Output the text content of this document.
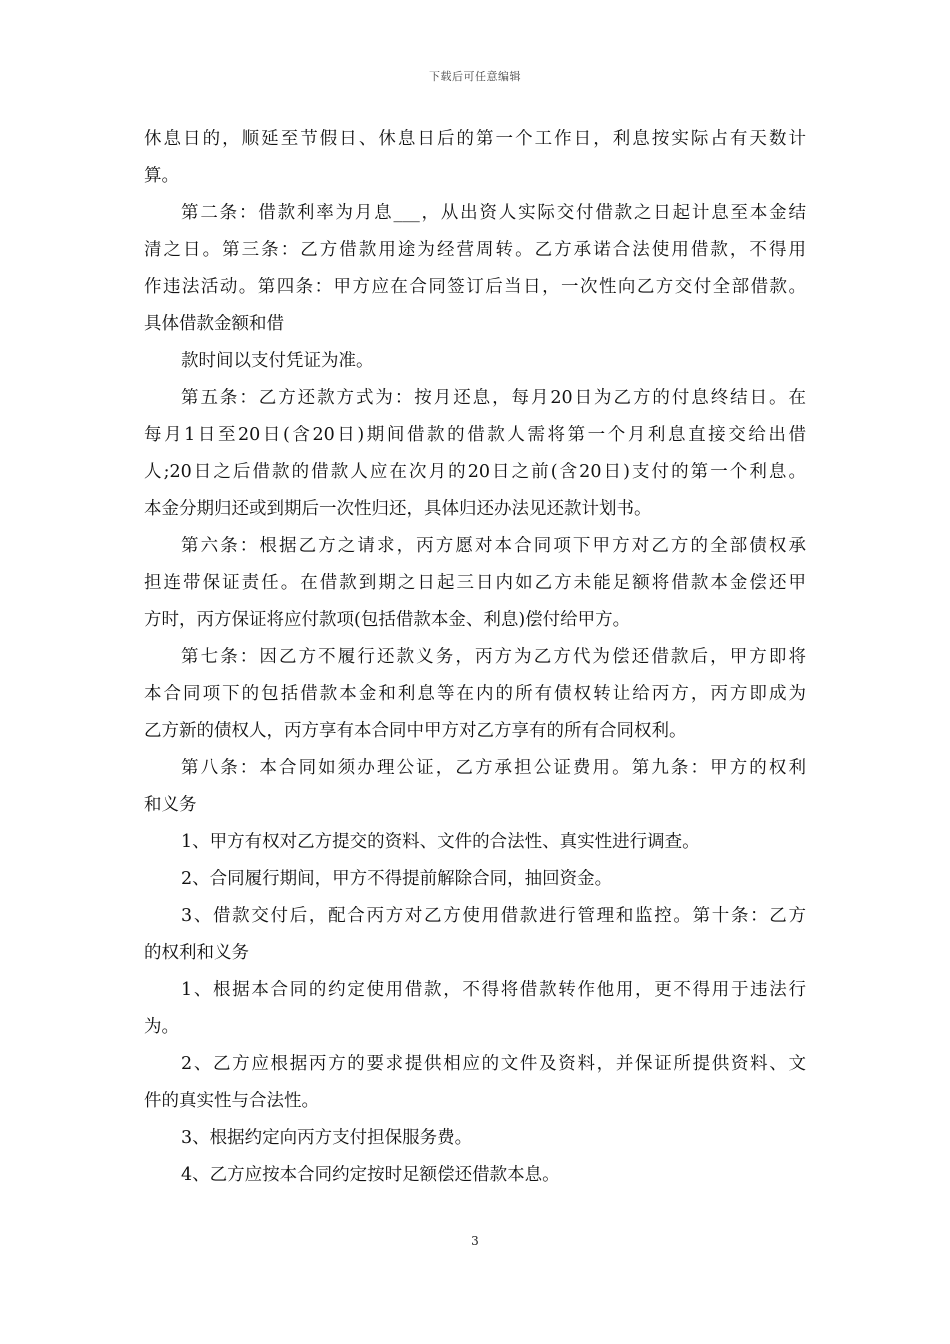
下载后可任意编辑
休息日的，顺延至节假日、休息日后的第一个工作日，利息按实际占有天数计
算。
第二条：借款利率为月息___，从出资人实际交付借款之日起计息至本金结
清之日。第三条：乙方借款用途为经营周转。乙方承诺合法使用借款，不得用
作违法活动。第四条：甲方应在合同签订后当日，一次性向乙方交付全部借款。
具体借款金额和借
款时间以支付凭证为准。
第五条：乙方还款方式为：按月还息，每月20日为乙方的付息终结日。在
每月1日至20日(含20日)期间借款的借款人需将第一个月利息直接交给出借
人;20日之后借款的借款人应在次月的20日之前(含20日)支付的第一个利息。
本金分期归还或到期后一次性归还，具体归还办法见还款计划书。
第六条：根据乙方之请求，丙方愿对本合同项下甲方对乙方的全部债权承
担连带保证责任。在借款到期之日起三日内如乙方未能足额将借款本金偿还甲
方时，丙方保证将应付款项(包括借款本金、利息)偿付给甲方。
第七条：因乙方不履行还款义务，丙方为乙方代为偿还借款后，甲方即将
本合同项下的包括借款本金和利息等在内的所有债权转让给丙方，丙方即成为
乙方新的债权人，丙方享有本合同中甲方对乙方享有的所有合同权利。
第八条：本合同如须办理公证，乙方承担公证费用。第九条：甲方的权利
和义务
1、甲方有权对乙方提交的资料、文件的合法性、真实性进行调查。
2、合同履行期间，甲方不得提前解除合同，抽回资金。
3、借款交付后，配合丙方对乙方使用借款进行管理和监控。第十条：乙方
的权利和义务
1、根据本合同的约定使用借款，不得将借款转作他用，更不得用于违法行
为。
2、乙方应根据丙方的要求提供相应的文件及资料，并保证所提供资料、文
件的真实性与合法性。
3、根据约定向丙方支付担保服务费。
4、乙方应按本合同约定按时足额偿还借款本息。
3
